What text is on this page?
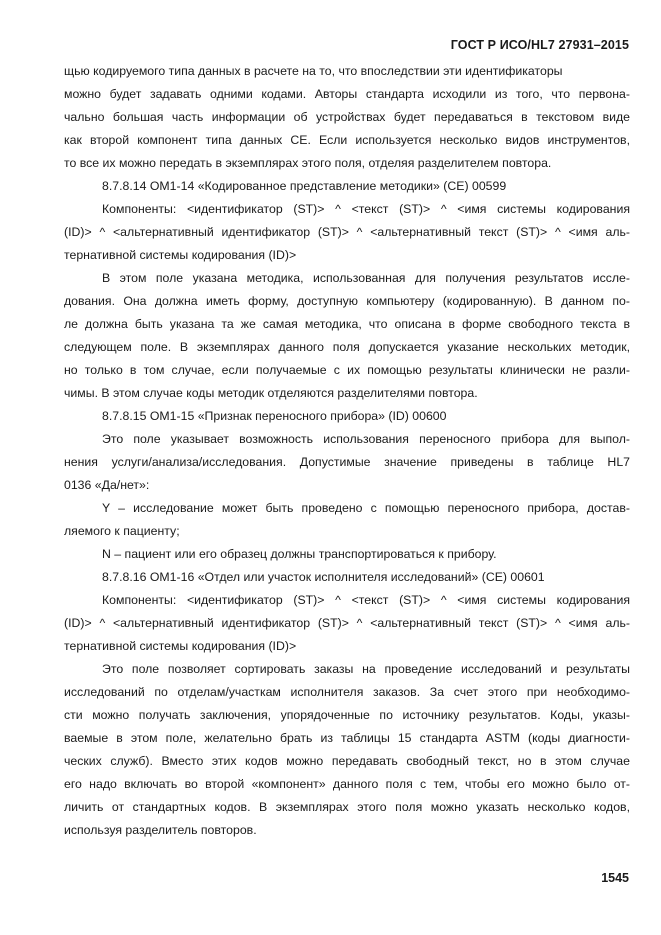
ГОСТ Р ИСО/HL7 27931–2015
щью кодируемого типа данных в расчете на то, что впоследствии эти идентификаторы
можно будет задавать одними кодами. Авторы стандарта исходили из того, что первона-
чально большая часть информации об устройствах будет передаваться в текстовом виде
как второй компонент типа данных CE. Если используется несколько видов инструментов,
то все их можно передать в экземплярах этого поля, отделяя разделителем повтора.
8.7.8.14 OM1-14 «Кодированное представление методики» (CE) 00599
Компоненты: <идентификатор (ST)> ^ <текст (ST)> ^ <имя системы кодирования
(ID)> ^ <альтернативный идентификатор (ST)> ^ <альтернативный текст (ST)> ^ <имя аль-
тернативной системы кодирования (ID)>
В этом поле указана методика, использованная для получения результатов иссле-
дования. Она должна иметь форму, доступную компьютеру (кодированную). В данном по-
ле должна быть указана та же самая методика, что описана в форме свободного текста в
следующем поле. В экземплярах данного поля допускается указание нескольких методик,
но только в том случае, если получаемые с их помощью результаты клинически не разли-
чимы. В этом случае коды методик отделяются разделителями повтора.
8.7.8.15 OM1-15 «Признак переносного прибора» (ID) 00600
Это поле указывает возможность использования переносного прибора для выпол-
нения услуги/анализа/исследования. Допустимые значение приведены в таблице HL7
0136 «Да/нет»:
Y – исследование может быть проведено с помощью переносного прибора, достав-
ляемого к пациенту;
N – пациент или его образец должны транспортироваться к прибору.
8.7.8.16 OM1-16 «Отдел или участок исполнителя исследований» (CE) 00601
Компоненты: <идентификатор (ST)> ^ <текст (ST)> ^ <имя системы кодирования
(ID)> ^ <альтернативный идентификатор (ST)> ^ <альтернативный текст (ST)> ^ <имя аль-
тернативной системы кодирования (ID)>
Это поле позволяет сортировать заказы на проведение исследований и результаты
исследований по отделам/участкам исполнителя заказов. За счет этого при необходимо-
сти можно получать заключения, упорядоченные по источнику результатов. Коды, указы-
ваемые в этом поле, желательно брать из таблицы 15 стандарта ASTM (коды диагности-
ческих служб). Вместо этих кодов можно передавать свободный текст, но в этом случае
его надо включать во второй «компонент» данного поля с тем, чтобы его можно было от-
личить от стандартных кодов. В экземплярах этого поля можно указать несколько кодов,
используя разделитель повторов.
1545
